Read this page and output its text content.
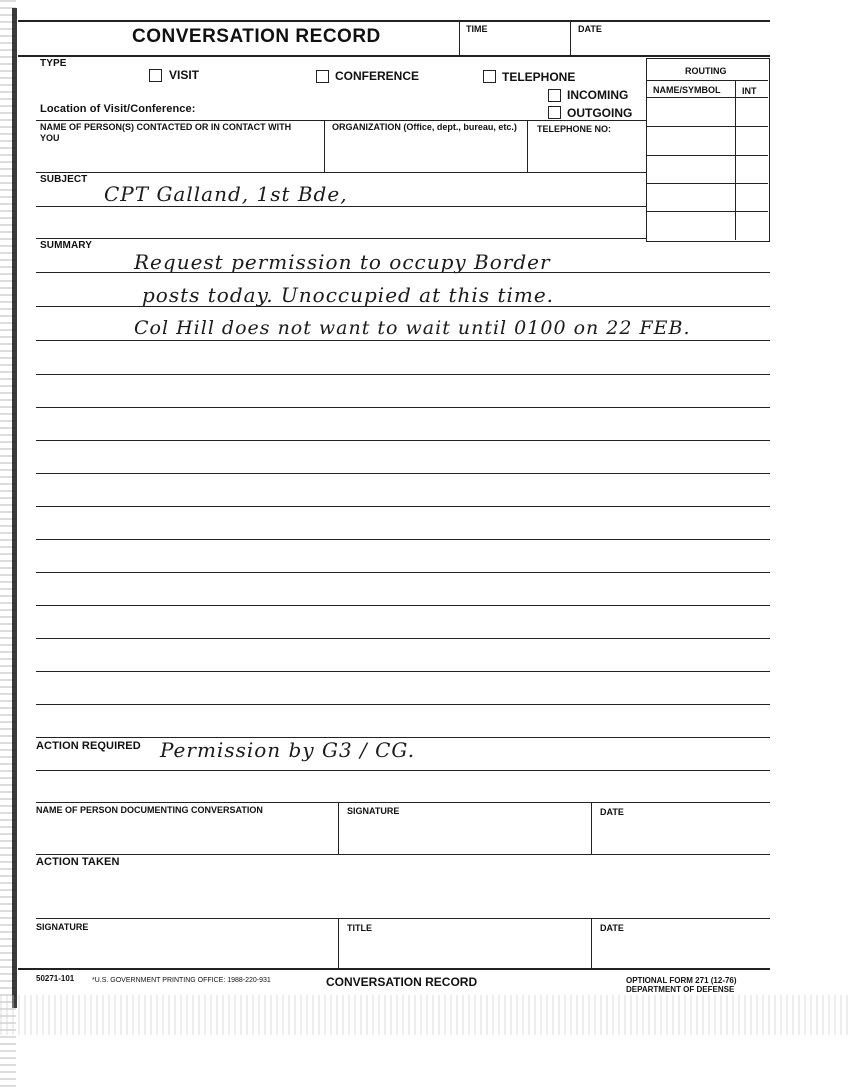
CONVERSATION RECORD	TIME	DATE
TYPE
VISIT	CONFERENCE	TELEPHONE
INCOMING
OUTGOING
Location of Visit/Conference:
ROUTING
NAME/SYMBOL INT
NAME OF PERSON(S) CONTACTED OR IN CONTACT WITH YOU
ORGANIZATION (Office, dept., bureau, etc.)	TELEPHONE NO:
SUBJECT
CPT Galland, 1st Bde,
SUMMARY
Request permission to occupy Border
posts today. Unoccupied at this time.
Col Hill does not want to wait until 0100 on 22 FEB.
ACTION REQUIRED Permission by G3 / CG.
NAME OF PERSON DOCUMENTING CONVERSATION	SIGNATURE	DATE
ACTION TAKEN
SIGNATURE	TITLE	DATE
50271-101	*U.S. GOVERNMENT PRINTING OFFICE: 1988-220-931	CONVERSATION RECORD	OPTIONAL FORM 271 (12-76)
DEPARTMENT OF DEFENSE
